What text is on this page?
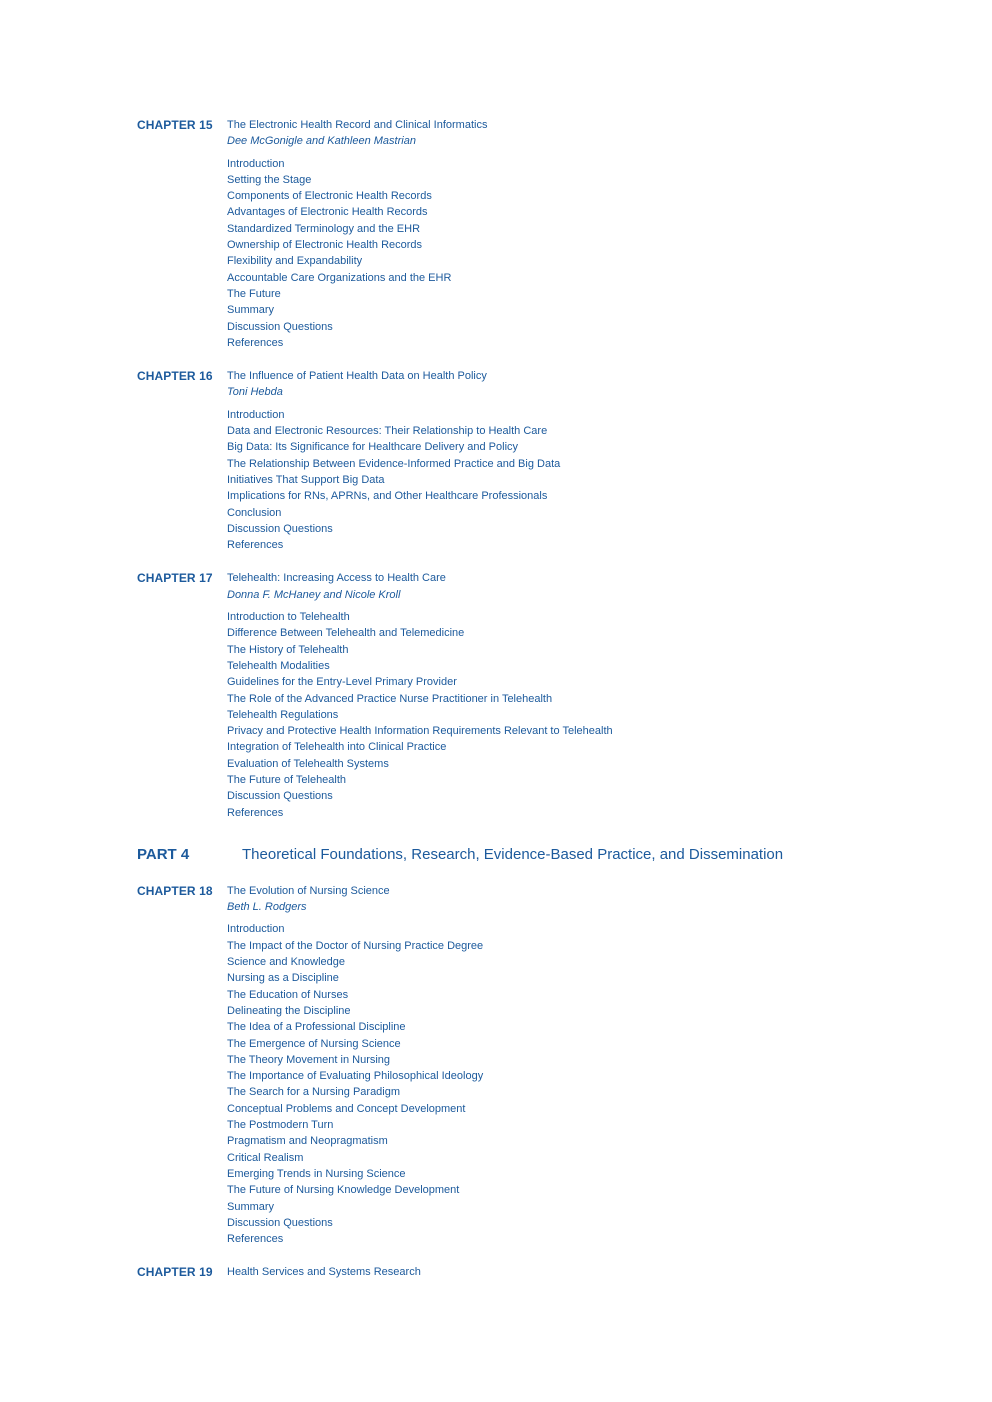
CHAPTER 15	The Electronic Health Record and Clinical Informatics
Dee McGonigle and Kathleen Mastrian
Introduction
Setting the Stage
Components of Electronic Health Records
Advantages of Electronic Health Records
Standardized Terminology and the EHR
Ownership of Electronic Health Records
Flexibility and Expandability
Accountable Care Organizations and the EHR
The Future
Summary
Discussion Questions
References
CHAPTER 16	The Influence of Patient Health Data on Health Policy
Toni Hebda
Introduction
Data and Electronic Resources: Their Relationship to Health Care
Big Data: Its Significance for Healthcare Delivery and Policy
The Relationship Between Evidence-Informed Practice and Big Data
Initiatives That Support Big Data
Implications for RNs, APRNs, and Other Healthcare Professionals
Conclusion
Discussion Questions
References
CHAPTER 17	Telehealth: Increasing Access to Health Care
Donna F. McHaney and Nicole Kroll
Introduction to Telehealth
Difference Between Telehealth and Telemedicine
The History of Telehealth
Telehealth Modalities
Guidelines for the Entry-Level Primary Provider
The Role of the Advanced Practice Nurse Practitioner in Telehealth
Telehealth Regulations
Privacy and Protective Health Information Requirements Relevant to Telehealth
Integration of Telehealth into Clinical Practice
Evaluation of Telehealth Systems
The Future of Telehealth
Discussion Questions
References
PART 4	Theoretical Foundations, Research, Evidence-Based Practice, and Dissemination
CHAPTER 18	The Evolution of Nursing Science
Beth L. Rodgers
Introduction
The Impact of the Doctor of Nursing Practice Degree
Science and Knowledge
Nursing as a Discipline
The Education of Nurses
Delineating the Discipline
The Idea of a Professional Discipline
The Emergence of Nursing Science
The Theory Movement in Nursing
The Importance of Evaluating Philosophical Ideology
The Search for a Nursing Paradigm
Conceptual Problems and Concept Development
The Postmodern Turn
Pragmatism and Neopragmatism
Critical Realism
Emerging Trends in Nursing Science
The Future of Nursing Knowledge Development
Summary
Discussion Questions
References
CHAPTER 19	Health Services and Systems Research
